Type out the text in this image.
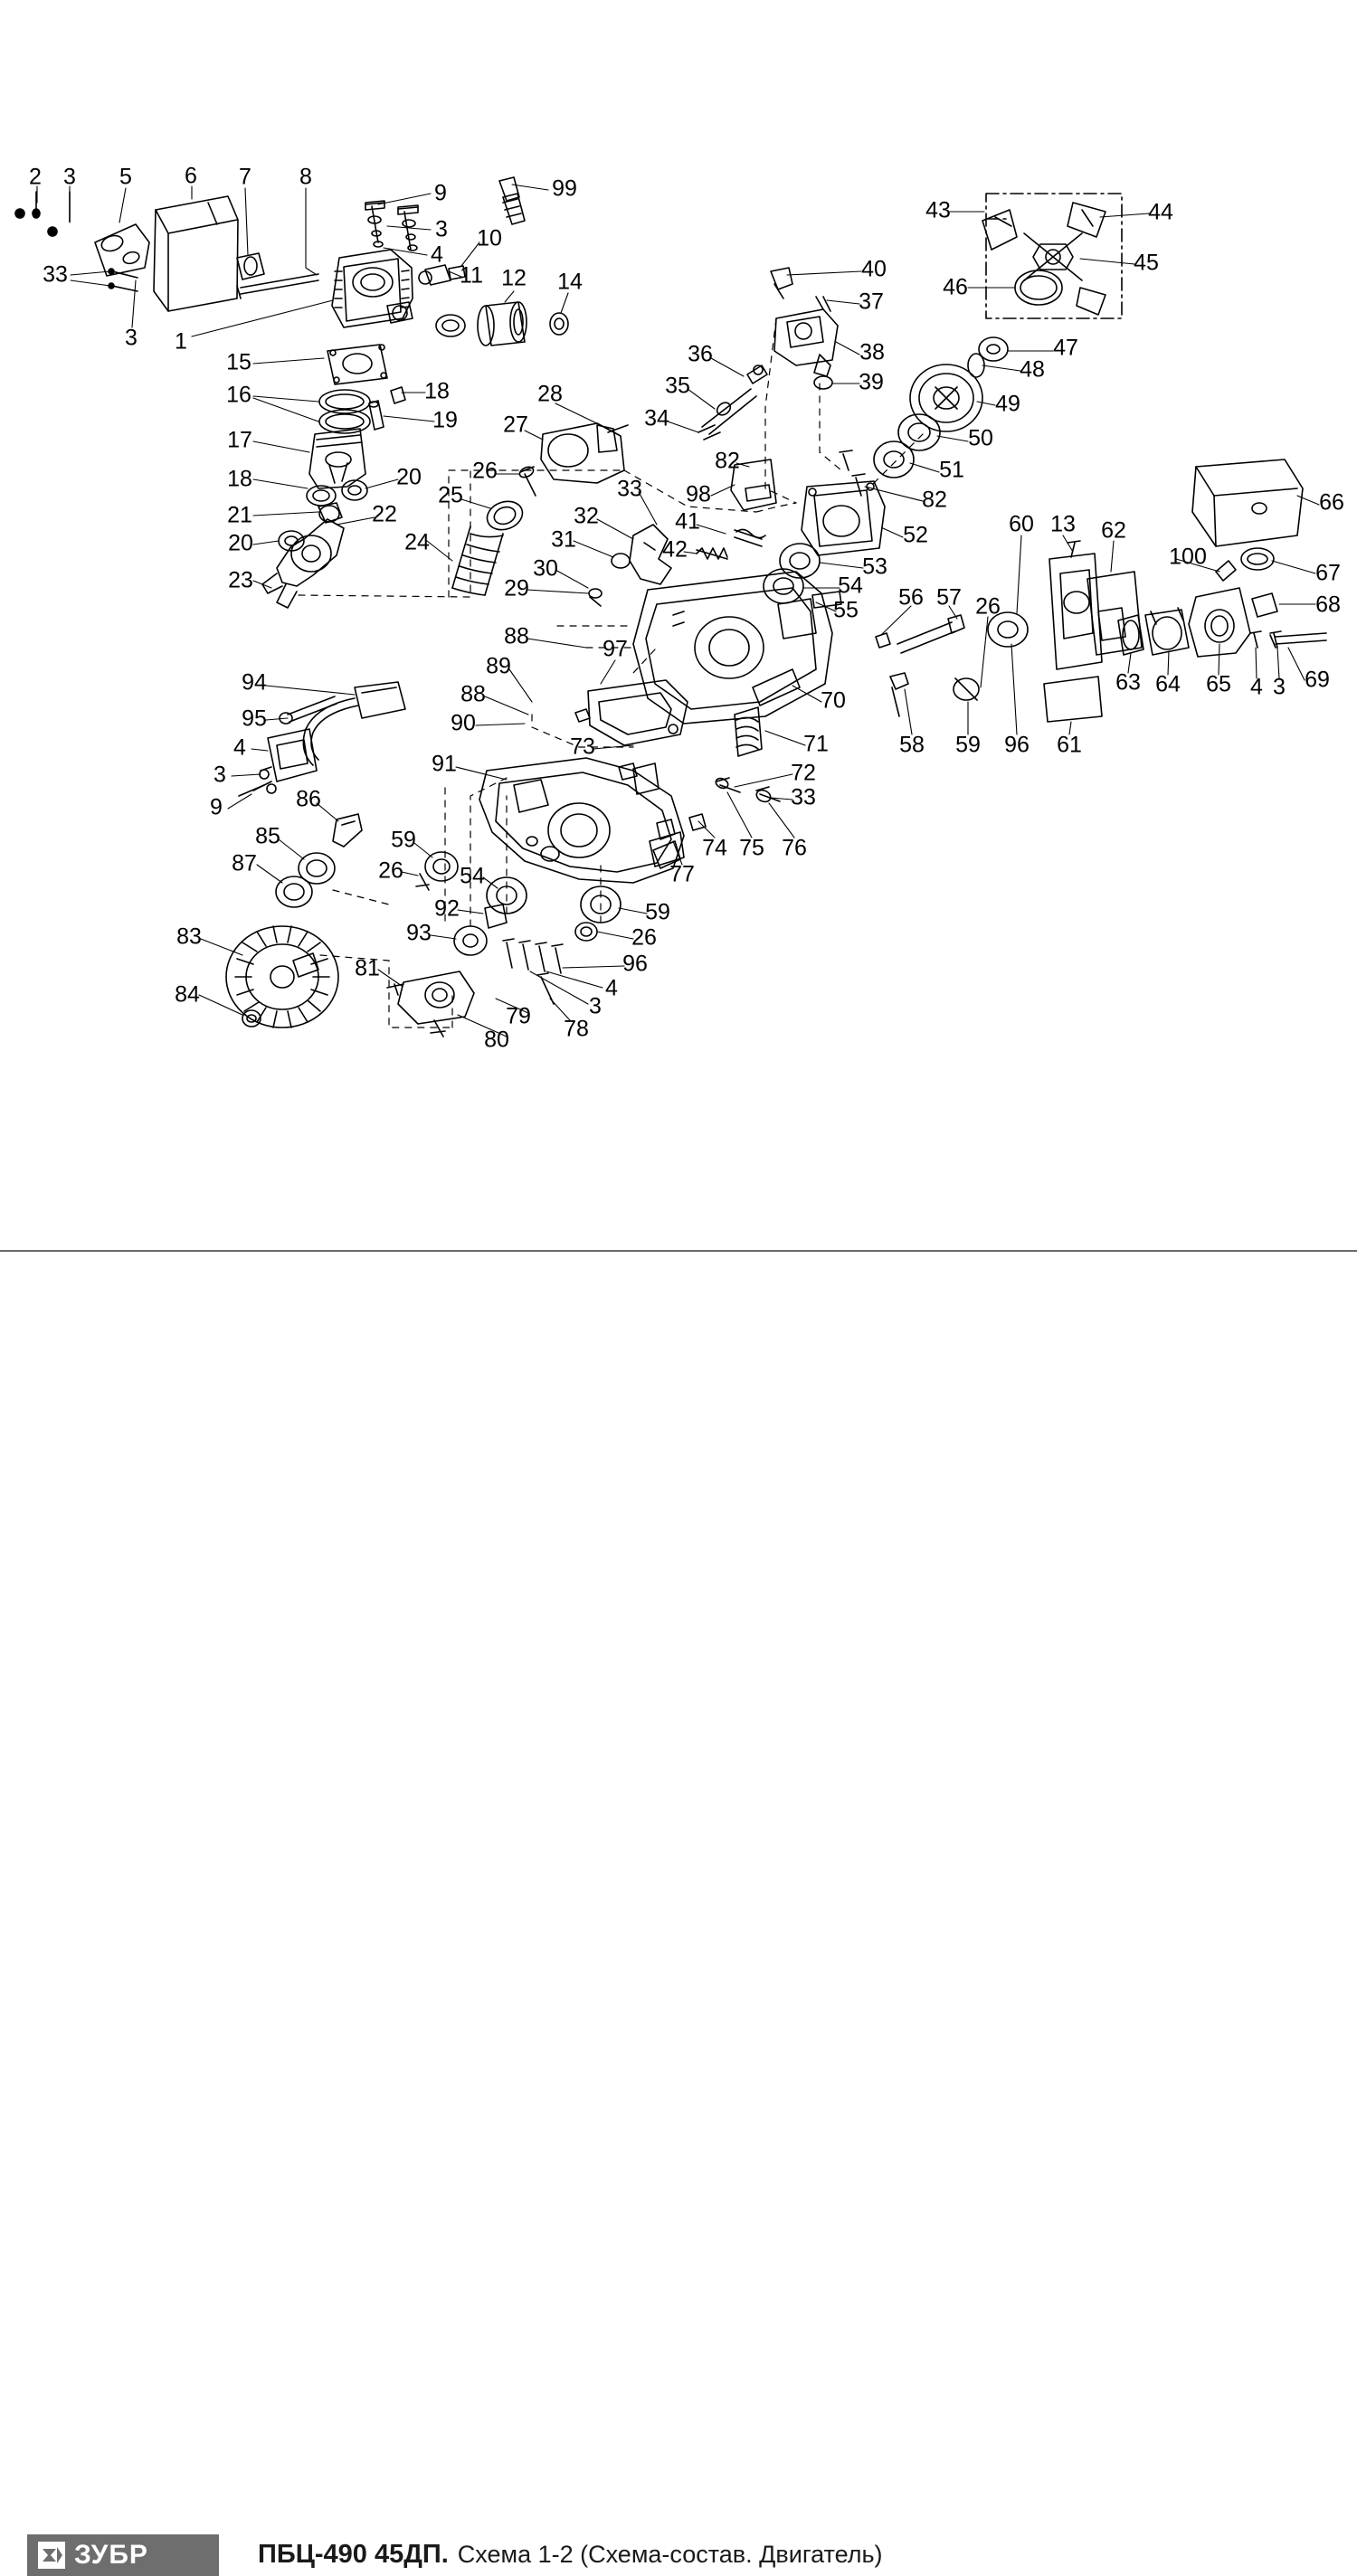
2 3 5 6 7 8
9	99
3
4
10
33	11 12 14
3 1
15
16	18
19
17
18	20
21	22
20
23
24
25
26
27
28
29
30
31
32
33
34
35
36
41
42
98
82
40
37
38
39
43	44
45
46
47
48
49
50
51
82
52
53
54
55 56 57 26
60 13 62
100
66
67
68
69
63 64 65 4 3
58 59 96 61
88
89
97
88
90
70
71
72
33
73
91
94
95
4
3
9	86
85
87
59
26 54
92
93
59
26
96
4
3
78
79
80
81
83
84
74 75 76
77
ЗУБР	ПБЦ-490 45ДП. Схема 1-2 (Схема-состав. Двигатель)
